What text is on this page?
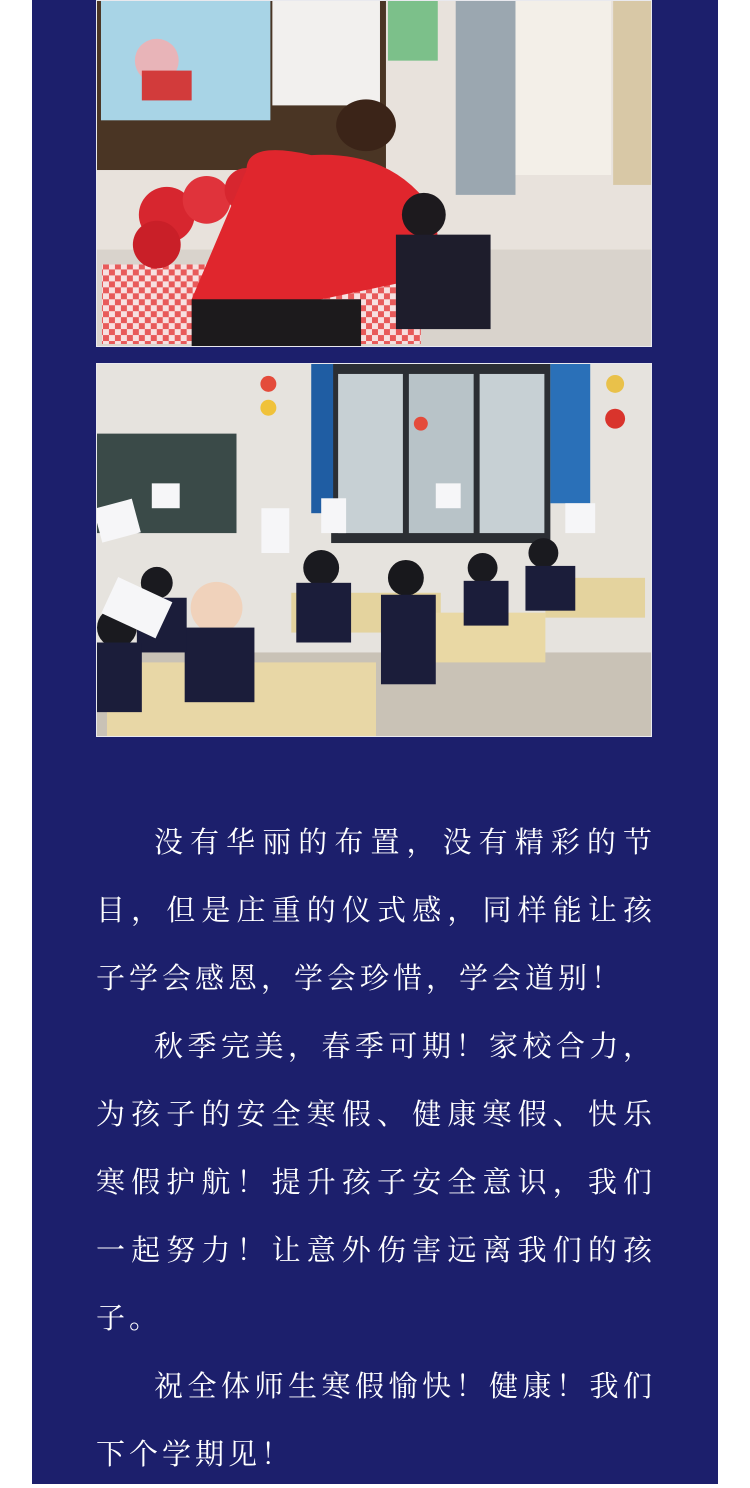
没有华丽的布置，没有精彩的节目，但是庄重的仪式感，同样能让孩子学会感恩，学会珍惜，学会道别！

秋季完美，春季可期！家校合力，为孩子的安全寒假、健康寒假、快乐寒假护航！提升孩子安全意识，我们一起努力！让意外伤害远离我们的孩子。

祝全体师生寒假愉快！健康！我们下个学期见！
